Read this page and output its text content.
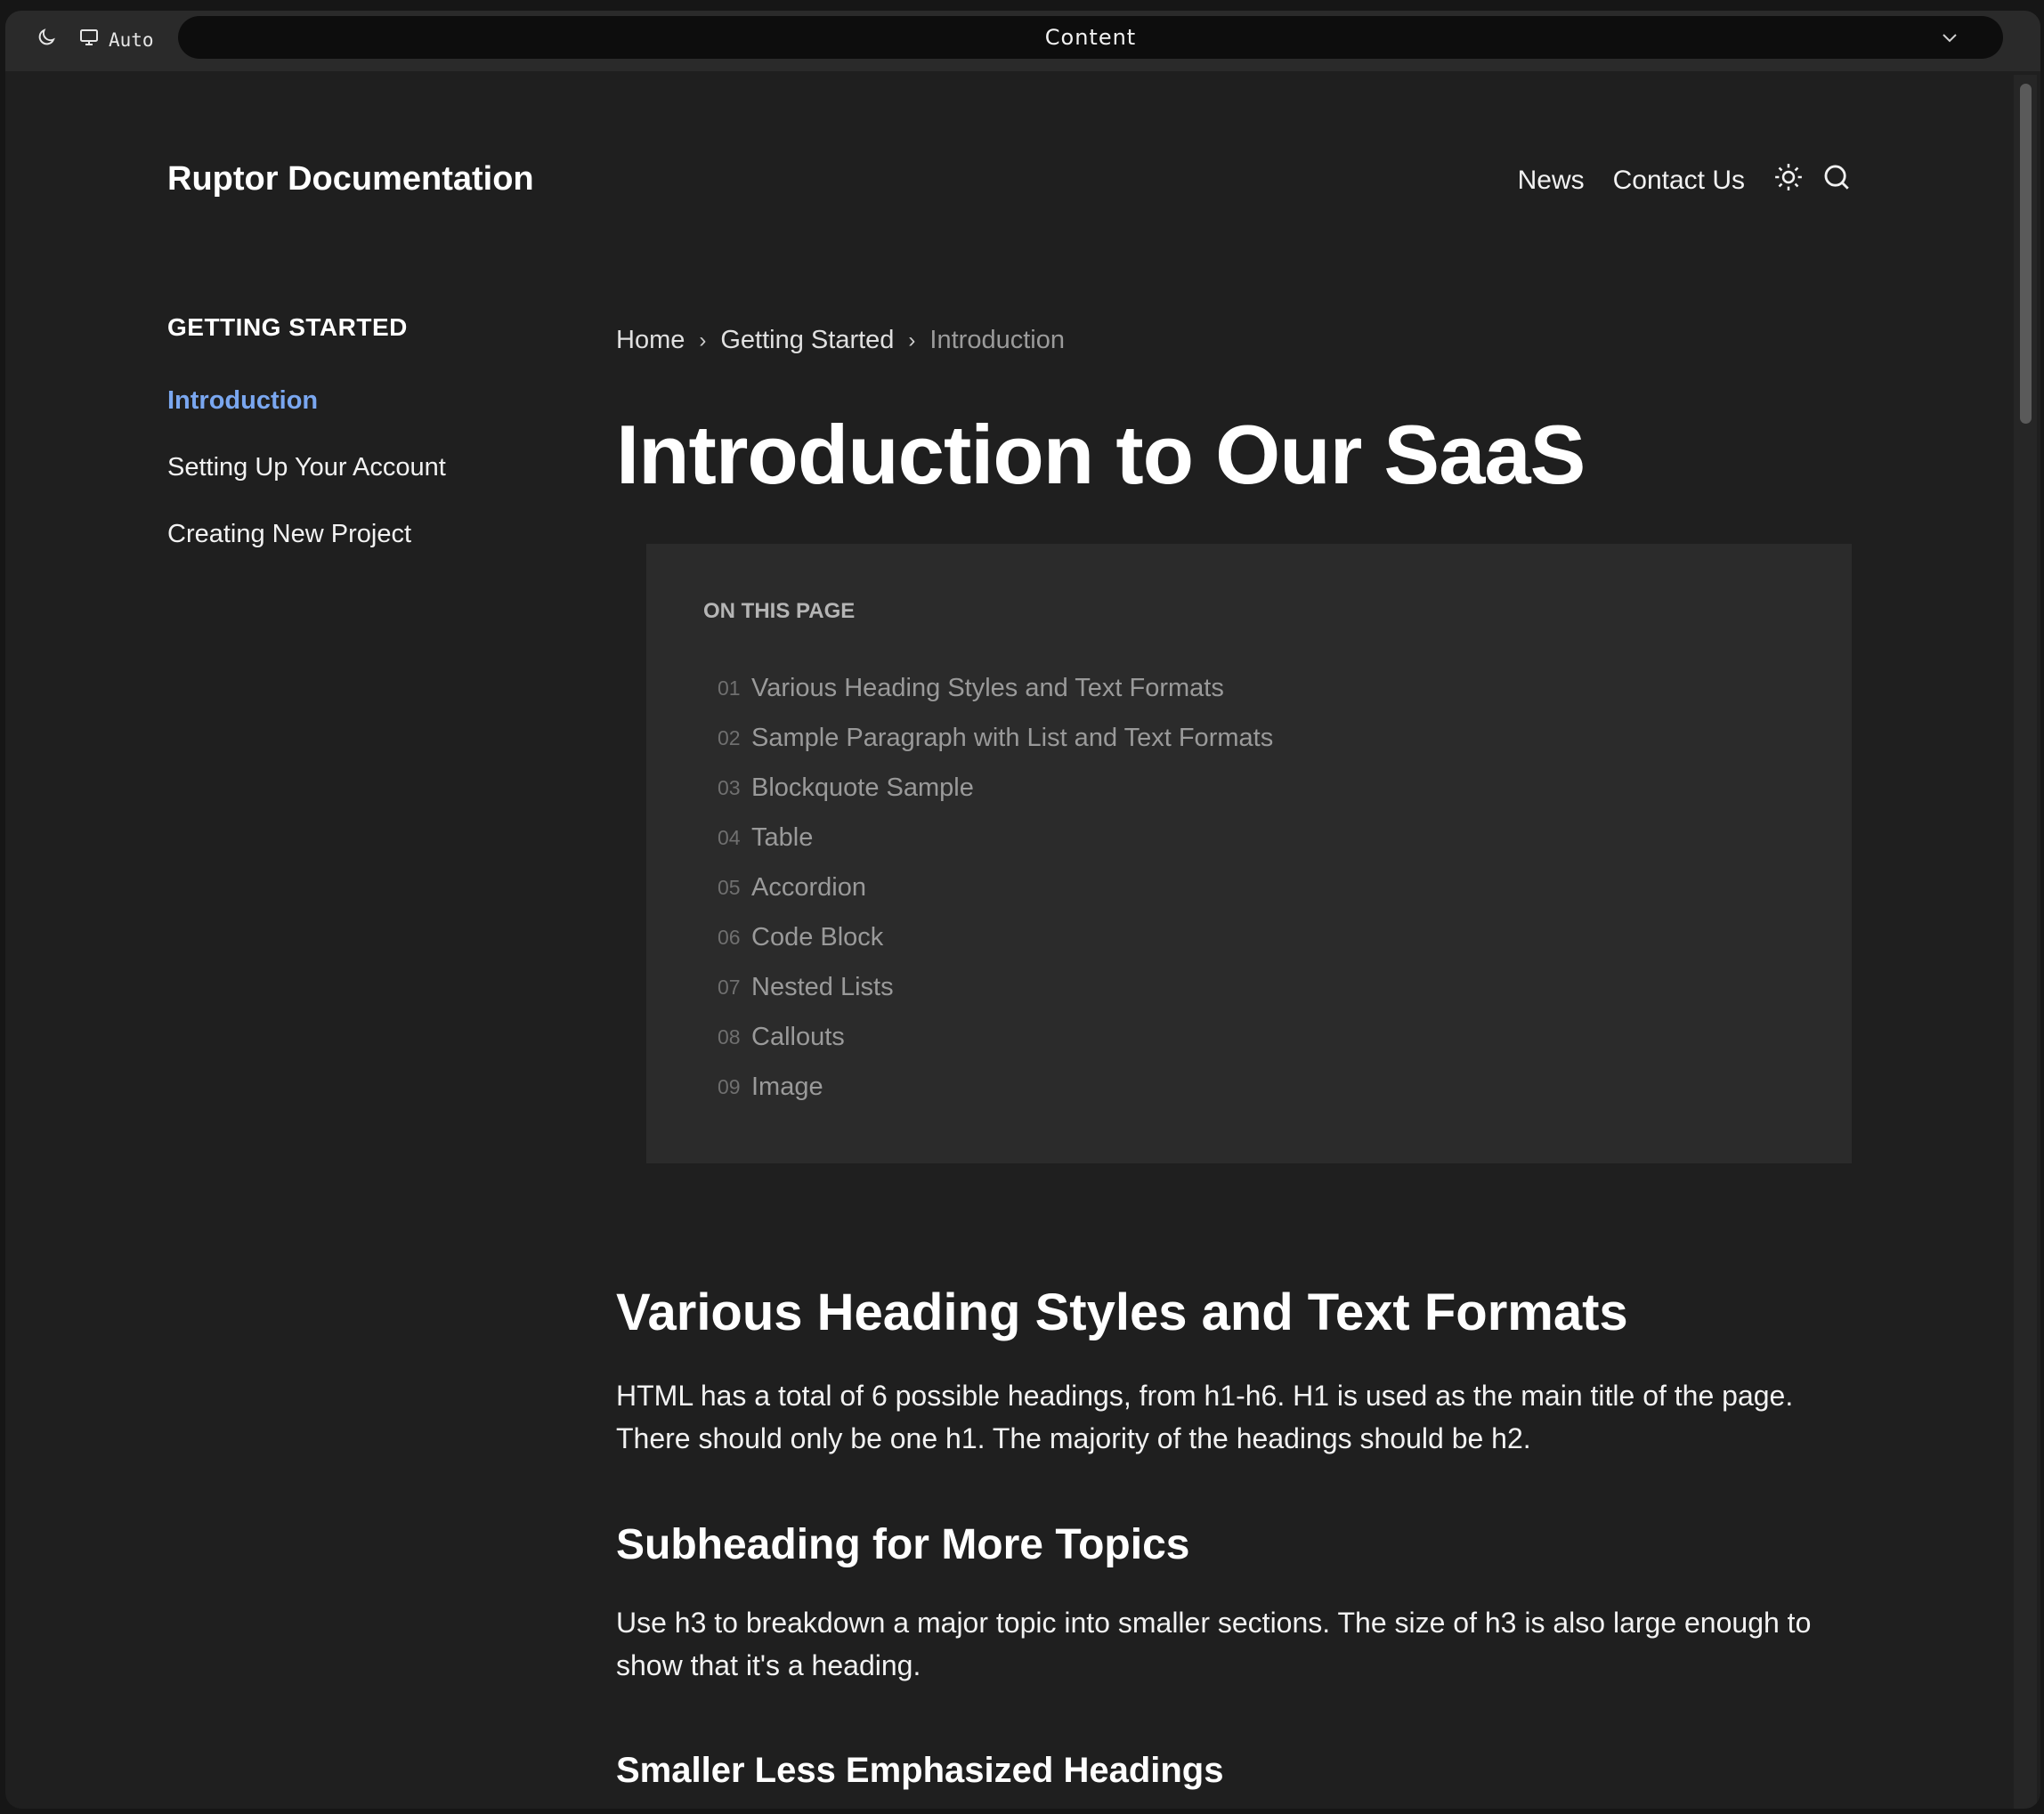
Auto	Content
Ruptor Documentation	News Contact Us
GETTING STARTED
Introduction
Setting Up Your Account
Creating New Project
Home › Getting Started › Introduction
Introduction to Our SaaS
ON THIS PAGE
01 Various Heading Styles and Text Formats
02 Sample Paragraph with List and Text Formats
03 Blockquote Sample
04 Table
05 Accordion
06 Code Block
07 Nested Lists
08 Callouts
09 Image
Various Heading Styles and Text Formats

HTML has a total of 6 possible headings, from h1-h6. H1 is used as the main title of the page. There should only be one h1. The majority of the headings should be h2.

Subheading for More Topics

Use h3 to breakdown a major topic into smaller sections. The size of h3 is also large enough to show that it's a heading.

Smaller Less Emphasized Headings
